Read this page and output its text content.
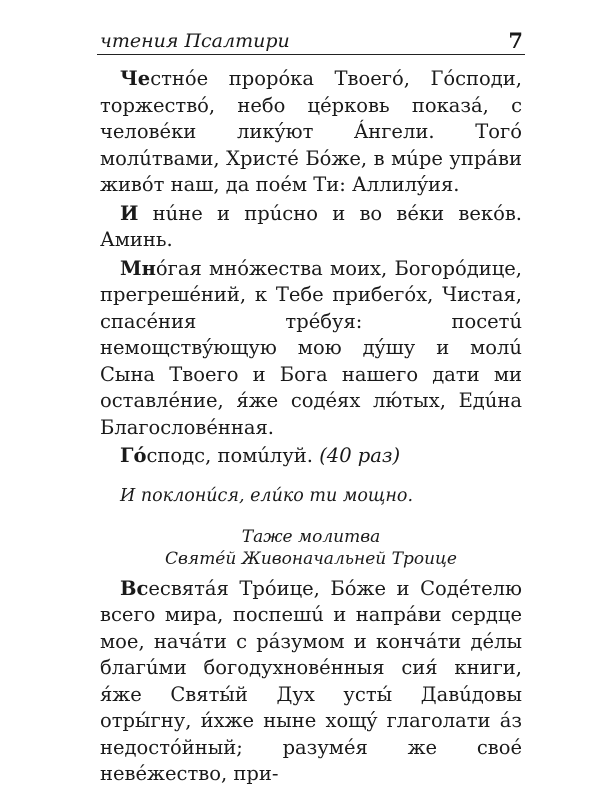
чтения Псалтири	7

Честнóе прорóка Твоегó, Гóсподи, торжествó, небо цéрковь показá, с человéки ликýют Áнгели. Тогó молúтвами, Христé Бóже, в мúре упрáви живóт наш, да поéм Ти: Аллилýия.

И нúне и прúсно и во вéки векóв. Аминь.

Мнóгая мнóжества моих, Богорóдице, прегрешéний, к Тебе прибегóх, Чистая, спасéния трéбуя: посетú немощствýющую мою дýшу и молú Сына Твоего и Бога нашего дати ми оставлéние, я́же содéях лю́тых, Едúна Благословéнная.

Гóсподс, помúлуй. (40 раз)

И поклонúся, елúко ти мощно.

Таже молитва

Святéй Живоначальней Троице

Всесвятáя Трóице, Бóже и Содéтелю всего мира, поспешú и напрáви сердце мое, начáти с рáзумом и кончáти дéлы благúми богодухновéнныя сия́ книги, я́же Святы́й Дух усты́ Давúдовы отры́гну, и́хже ныне хощý глаголати áз недостóйный; разумéя же своé невéжество, при-
